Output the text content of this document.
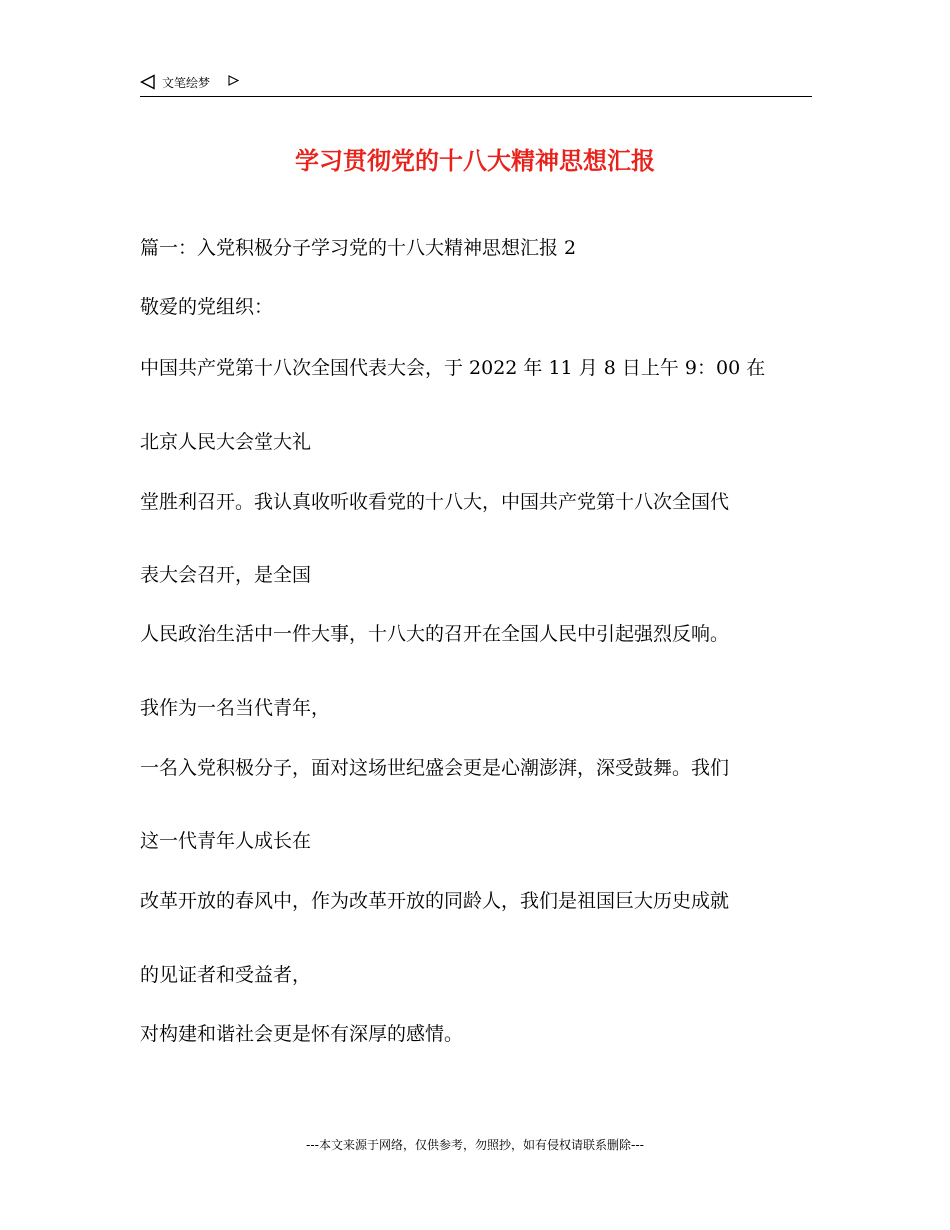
文笔绘梦
学习贯彻党的十八大精神思想汇报
篇一：入党积极分子学习党的十八大精神思想汇报 2
敬爱的党组织：
中国共产党第十八次全国代表大会，于 2022 年 11 月 8 日上午 9：00 在
北京人民大会堂大礼
堂胜利召开。我认真收听收看党的十八大，中国共产党第十八次全国代
表大会召开，是全国
人民政治生活中一件大事，十八大的召开在全国人民中引起强烈反响。
我作为一名当代青年，
一名入党积极分子，面对这场世纪盛会更是心潮澎湃，深受鼓舞。我们
这一代青年人成长在
改革开放的春风中，作为改革开放的同龄人，我们是祖国巨大历史成就
的见证者和受益者，
对构建和谐社会更是怀有深厚的感情。
---本文来源于网络，仅供参考，勿照抄，如有侵权请联系删除---
